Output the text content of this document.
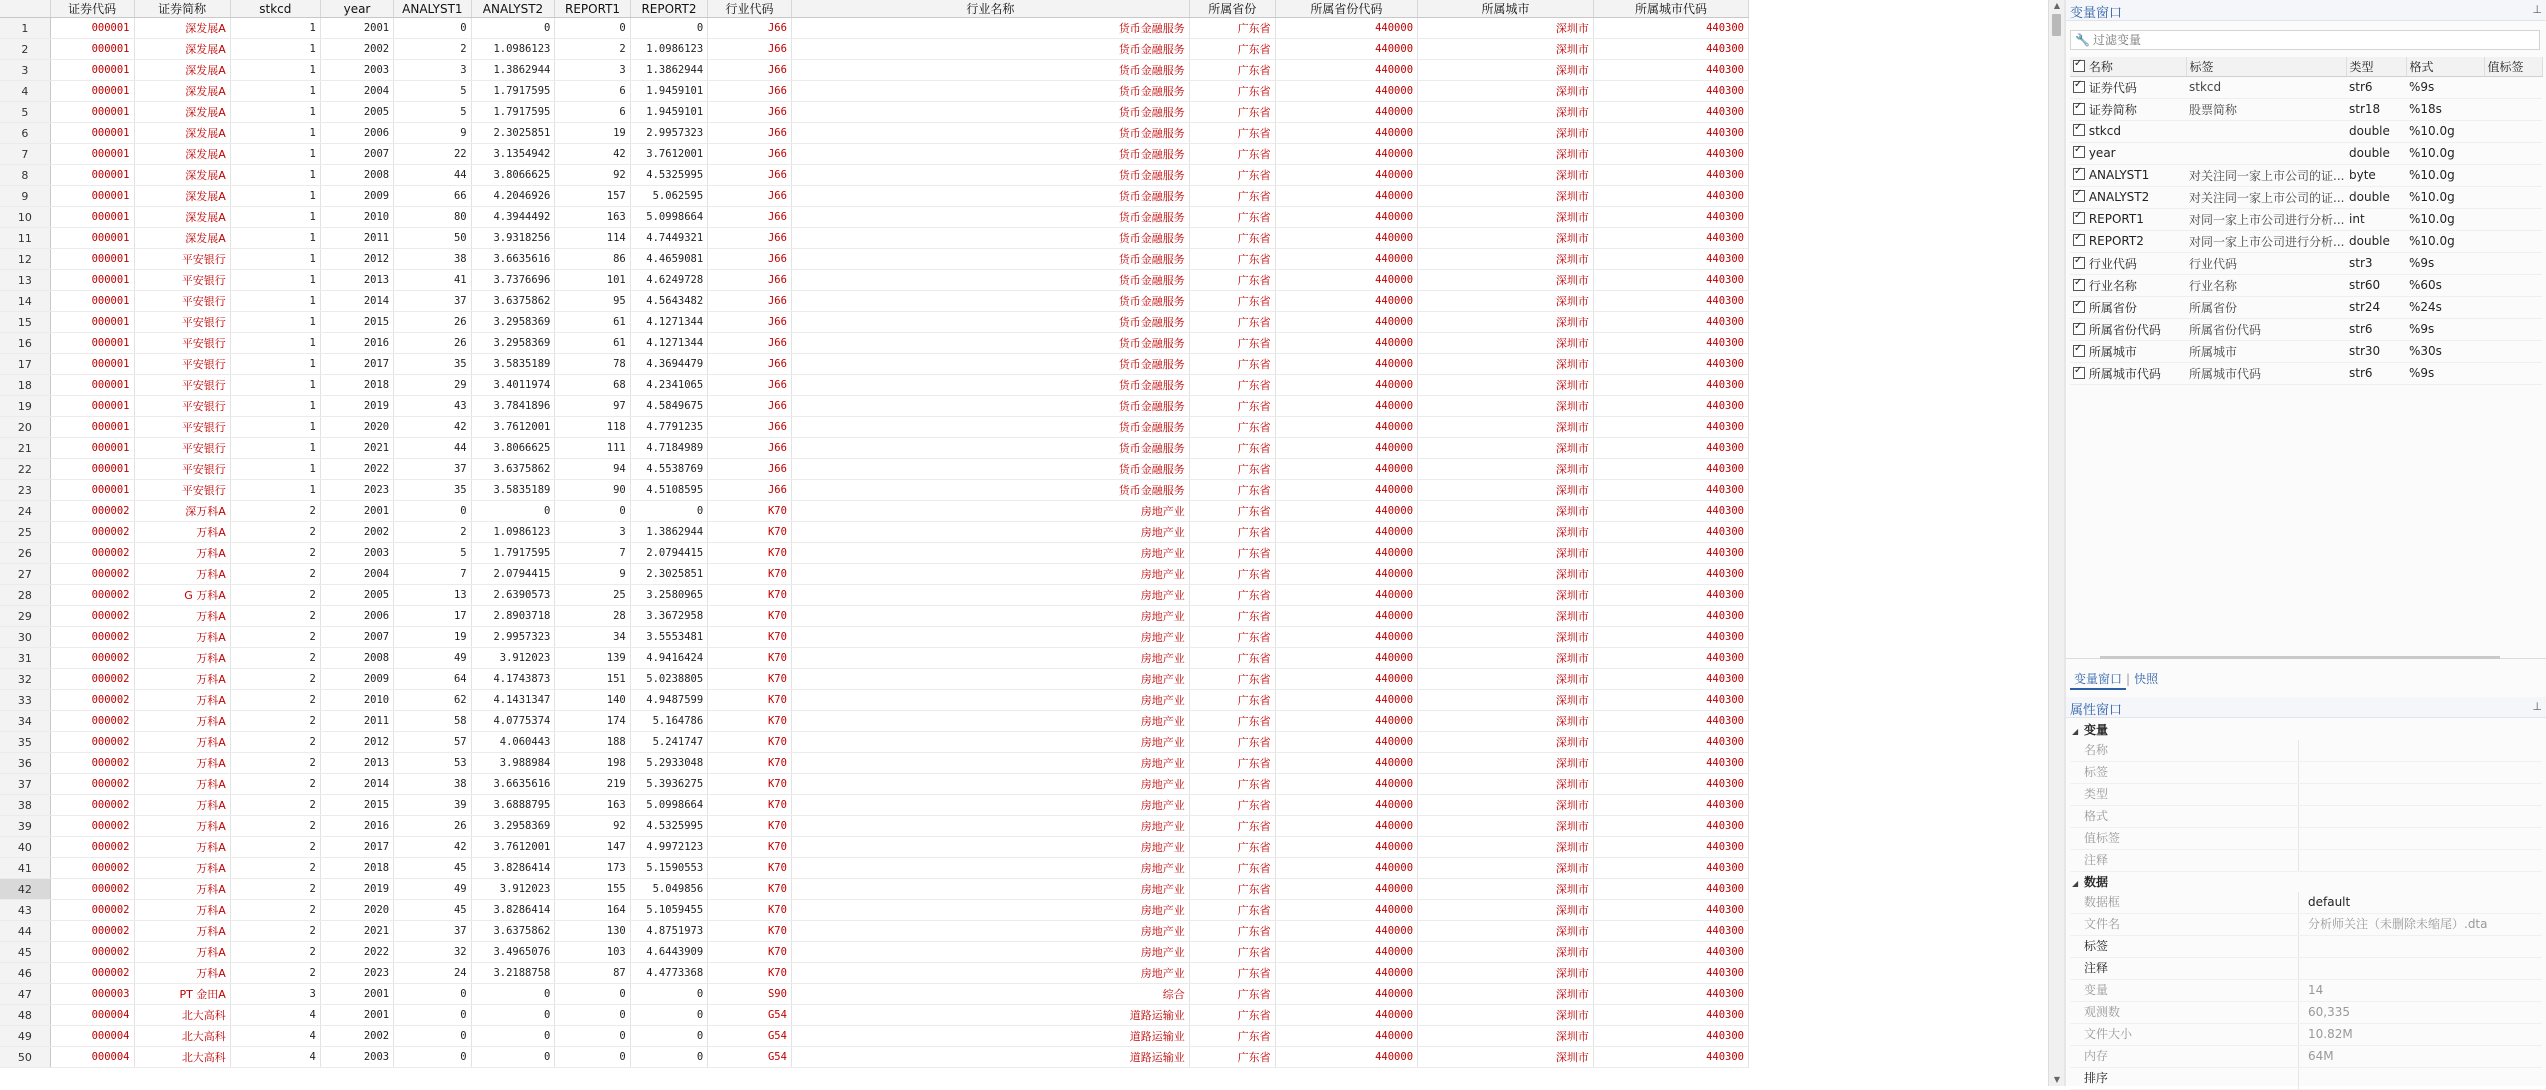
	证券代码	证券简称	stkcd	year	ANALYST1	ANALYST2	REPORT1	REPORT2	行业代码	行业名称	所属省份	所属省份代码	所属城市	所属城市代码
1	000001	深发展A	1	2001	0	0	0	0	J66	货币金融服务	广东省	440000	深圳市	440300
2	000001	深发展A	1	2002	2	1.0986123	2	1.0986123	J66	货币金融服务	广东省	440000	深圳市	440300
3	000001	深发展A	1	2003	3	1.3862944	3	1.3862944	J66	货币金融服务	广东省	440000	深圳市	440300
4	000001	深发展A	1	2004	5	1.7917595	6	1.9459101	J66	货币金融服务	广东省	440000	深圳市	440300
5	000001	深发展A	1	2005	5	1.7917595	6	1.9459101	J66	货币金融服务	广东省	440000	深圳市	440300
6	000001	深发展A	1	2006	9	2.3025851	19	2.9957323	J66	货币金融服务	广东省	440000	深圳市	440300
7	000001	深发展A	1	2007	22	3.1354942	42	3.7612001	J66	货币金融服务	广东省	440000	深圳市	440300
8	000001	深发展A	1	2008	44	3.8066625	92	4.5325995	J66	货币金融服务	广东省	440000	深圳市	440300
9	000001	深发展A	1	2009	66	4.2046926	157	5.062595	J66	货币金融服务	广东省	440000	深圳市	440300
10	000001	深发展A	1	2010	80	4.3944492	163	5.0998664	J66	货币金融服务	广东省	440000	深圳市	440300
11	000001	深发展A	1	2011	50	3.9318256	114	4.7449321	J66	货币金融服务	广东省	440000	深圳市	440300
12	000001	平安银行	1	2012	38	3.6635616	86	4.4659081	J66	货币金融服务	广东省	440000	深圳市	440300
13	000001	平安银行	1	2013	41	3.7376696	101	4.6249728	J66	货币金融服务	广东省	440000	深圳市	440300
14	000001	平安银行	1	2014	37	3.6375862	95	4.5643482	J66	货币金融服务	广东省	440000	深圳市	440300
15	000001	平安银行	1	2015	26	3.2958369	61	4.1271344	J66	货币金融服务	广东省	440000	深圳市	440300
16	000001	平安银行	1	2016	26	3.2958369	61	4.1271344	J66	货币金融服务	广东省	440000	深圳市	440300
17	000001	平安银行	1	2017	35	3.5835189	78	4.3694479	J66	货币金融服务	广东省	440000	深圳市	440300
18	000001	平安银行	1	2018	29	3.4011974	68	4.2341065	J66	货币金融服务	广东省	440000	深圳市	440300
19	000001	平安银行	1	2019	43	3.7841896	97	4.5849675	J66	货币金融服务	广东省	440000	深圳市	440300
20	000001	平安银行	1	2020	42	3.7612001	118	4.7791235	J66	货币金融服务	广东省	440000	深圳市	440300
21	000001	平安银行	1	2021	44	3.8066625	111	4.7184989	J66	货币金融服务	广东省	440000	深圳市	440300
22	000001	平安银行	1	2022	37	3.6375862	94	4.5538769	J66	货币金融服务	广东省	440000	深圳市	440300
23	000001	平安银行	1	2023	35	3.5835189	90	4.5108595	J66	货币金融服务	广东省	440000	深圳市	440300
24	000002	深万科A	2	2001	0	0	0	0	K70	房地产业	广东省	440000	深圳市	440300
25	000002	万科A	2	2002	2	1.0986123	3	1.3862944	K70	房地产业	广东省	440000	深圳市	440300
26	000002	万科A	2	2003	5	1.7917595	7	2.0794415	K70	房地产业	广东省	440000	深圳市	440300
27	000002	万科A	2	2004	7	2.0794415	9	2.3025851	K70	房地产业	广东省	440000	深圳市	440300
28	000002	G 万科A	2	2005	13	2.6390573	25	3.2580965	K70	房地产业	广东省	440000	深圳市	440300
29	000002	万科A	2	2006	17	2.8903718	28	3.3672958	K70	房地产业	广东省	440000	深圳市	440300
30	000002	万科A	2	2007	19	2.9957323	34	3.5553481	K70	房地产业	广东省	440000	深圳市	440300
31	000002	万科A	2	2008	49	3.912023	139	4.9416424	K70	房地产业	广东省	440000	深圳市	440300
32	000002	万科A	2	2009	64	4.1743873	151	5.0238805	K70	房地产业	广东省	440000	深圳市	440300
33	000002	万科A	2	2010	62	4.1431347	140	4.9487599	K70	房地产业	广东省	440000	深圳市	440300
34	000002	万科A	2	2011	58	4.0775374	174	5.164786	K70	房地产业	广东省	440000	深圳市	440300
35	000002	万科A	2	2012	57	4.060443	188	5.241747	K70	房地产业	广东省	440000	深圳市	440300
36	000002	万科A	2	2013	53	3.988984	198	5.2933048	K70	房地产业	广东省	440000	深圳市	440300
37	000002	万科A	2	2014	38	3.6635616	219	5.3936275	K70	房地产业	广东省	440000	深圳市	440300
38	000002	万科A	2	2015	39	3.6888795	163	5.0998664	K70	房地产业	广东省	440000	深圳市	440300
39	000002	万科A	2	2016	26	3.2958369	92	4.5325995	K70	房地产业	广东省	440000	深圳市	440300
40	000002	万科A	2	2017	42	3.7612001	147	4.9972123	K70	房地产业	广东省	440000	深圳市	440300
41	000002	万科A	2	2018	45	3.8286414	173	5.1590553	K70	房地产业	广东省	440000	深圳市	440300
42	000002	万科A	2	2019	49	3.912023	155	5.049856	K70	房地产业	广东省	440000	深圳市	440300
43	000002	万科A	2	2020	45	3.8286414	164	5.1059455	K70	房地产业	广东省	440000	深圳市	440300
44	000002	万科A	2	2021	37	3.6375862	130	4.8751973	K70	房地产业	广东省	440000	深圳市	440300
45	000002	万科A	2	2022	32	3.4965076	103	4.6443909	K70	房地产业	广东省	440000	深圳市	440300
46	000002	万科A	2	2023	24	3.2188758	87	4.4773368	K70	房地产业	广东省	440000	深圳市	440300
47	000003	PT 金田A	3	2001	0	0	0	0	S90	综合	广东省	440000	深圳市	440300
48	000004	北大高科	4	2001	0	0	0	0	G54	道路运输业	广东省	440000	深圳市	440300
49	000004	北大高科	4	2002	0	0	0	0	G54	道路运输业	广东省	440000	深圳市	440300
50	000004	北大高科	4	2003	0	0	0	0	G54	道路运输业	广东省	440000	深圳市	440300
▲
▼
变量窗口	⊥
🔧
过滤变量
✓ 名称	标签	类型	格式	值标签
✓ 证券代码	stkcd	str6	%9s	
✓ 证券简称	股票简称	str18	%18s	
✓ stkcd		double	%10.0g	
✓ year		double	%10.0g	
✓ ANALYST1	对关注同一家上市公司的证...	byte	%10.0g	
✓ ANALYST2	对关注同一家上市公司的证...	double	%10.0g	
✓ REPORT1	对同一家上市公司进行分析...	int	%10.0g	
✓ REPORT2	对同一家上市公司进行分析...	double	%10.0g	
✓ 行业代码	行业代码	str3	%9s	
✓ 行业名称	行业名称	str60	%60s	
✓ 所属省份	所属省份	str24	%24s	
✓ 所属省份代码	所属省份代码	str6	%9s	
✓ 所属城市	所属城市	str30	%30s	
✓ 所属城市代码	所属城市代码	str6	%9s	
变量窗口 | 快照
属性窗口	⊥
◢ 变量
名称
标签
类型
格式
值标签
注释
◢ 数据
数据框	default
文件名	分析师关注（未删除未缩尾）.dta
标签
注释
变量	14
观测数	60,335
文件大小	10.82M
内存	64M
排序
